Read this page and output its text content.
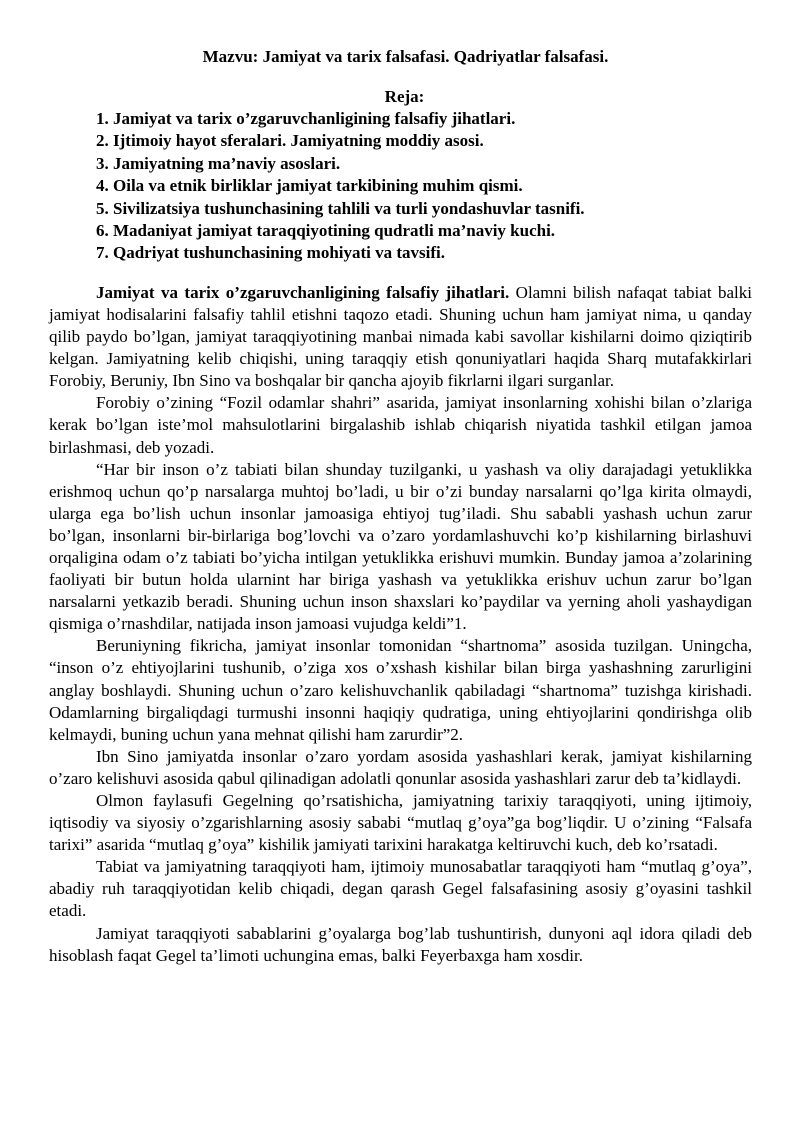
Mazvu: Jamiyat va tarix falsafasi. Qadriyatlar falsafasi.
Reja:
1. Jamiyat va tarix o’zgaruvchanligining falsafiy jihatlari.
2. Ijtimoiy hayot sferalari. Jamiyatning moddiy asosi.
3. Jamiyatning ma’naviy asoslari.
4. Oila va etnik birliklar jamiyat tarkibining muhim qismi.
5. Sivilizatsiya tushunchasining tahlili va turli yondashuvlar tasnifi.
6. Madaniyat jamiyat taraqqiyotining qudratli ma’naviy kuchi.
7. Qadriyat tushunchasining mohiyati va tavsifi.

Jamiyat va tarix o’zgaruvchanligining falsafiy jihatlari. Olamni bilish nafaqat tabiat balki jamiyat hodisalarini falsafiy tahlil etishni taqozo etadi. Shuning uchun ham jamiyat nima, u qanday qilib paydo bo’lgan, jamiyat taraqqiyotining manbai nimada kabi savollar kishilarni doimo qiziqtirib kelgan. Jamiyatning kelib chiqishi, uning taraqqiy etish qonuniyatlari haqida Sharq mutafakkirlari Forobiy, Beruniy, Ibn Sino va boshqalar bir qancha ajoyib fikrlarni ilgari surganlar.

Forobiy o’zining “Fozil odamlar shahri” asarida, jamiyat insonlarning xohishi bilan o’zlariga kerak bo’lgan iste’mol mahsulotlarini birgalashib ishlab chiqarish niyatida tashkil etilgan jamoa birlashmasi, deb yozadi.

“Har bir inson o’z tabiati bilan shunday tuzilganki, u yashash va oliy darajadagi yetuklikka erishmoq uchun qo’p narsalarga muhtoj bo’ladi, u bir o’zi bunday narsalarni qo’lga kirita olmaydi, ularga ega bo’lish uchun insonlar jamoasiga ehtiyoj tug’iladi. Shu sababli yashash uchun zarur bo’lgan, insonlarni bir-birlariga bog’lovchi va o’zaro yordamlashuvchi ko’p kishilarning birlashuvi orqaligina odam o’z tabiati bo’yicha intilgan yetuklikka erishuvi mumkin. Bunday jamoa a’zolarining faoliyati bir butun holda ularnint har biriga yashash va yetuklikka erishuv uchun zarur bo’lgan narsalarni yetkazib beradi. Shuning uchun inson shaxslari ko’paydilar va yerning aholi yashaydigan qismiga o’rnashdilar, natijada inson jamoasi vujudga keldi”1.

Beruniyning fikricha, jamiyat insonlar tomonidan “shartnoma” asosida tuzilgan. Uningcha, “inson o’z ehtiyojlarini tushunib, o’ziga xos o’xshash kishilar bilan birga yashashning zarurligini anglay boshlaydi. Shuning uchun o’zaro kelishuvchanlik qabiladagi “shartnoma” tuzishga kirishadi. Odamlarning birgaliqdagi turmushi insonni haqiqiy qudratiga, uning ehtiyojlarini qondirishga olib kelmaydi, buning uchun yana mehnat qilishi ham zarurdir”2.

Ibn Sino jamiyatda insonlar o’zaro yordam asosida yashashlari kerak, jamiyat kishilarning o’zaro kelishuvi asosida qabul qilinadigan adolatli qonunlar asosida yashashlari zarur deb ta’kidlaydi.

Olmon faylasufi Gegelning qo’rsatishicha, jamiyatning tarixiy taraqqiyoti, uning ijtimoiy, iqtisodiy va siyosiy o’zgarishlarning asosiy sababi “mutlaq g’oya”ga bog’liqdir. U o’zining “Falsafa tarixi” asarida “mutlaq g’oya” kishilik jamiyati tarixini harakatga keltiruvchi kuch, deb ko’rsatadi.

Tabiat va jamiyatning taraqqiyoti ham, ijtimoiy munosabatlar taraqqiyoti ham “mutlaq g’oya”, abadiy ruh taraqqiyotidan kelib chiqadi, degan qarash Gegel falsafasining asosiy g’oyasini tashkil etadi.

Jamiyat taraqqiyoti sabablarini g’oyalarga bog’lab tushuntirish, dunyoni aql idora qiladi deb hisoblash faqat Gegel ta’limoti uchungina emas, balki Feyerbaxga ham xosdir.
